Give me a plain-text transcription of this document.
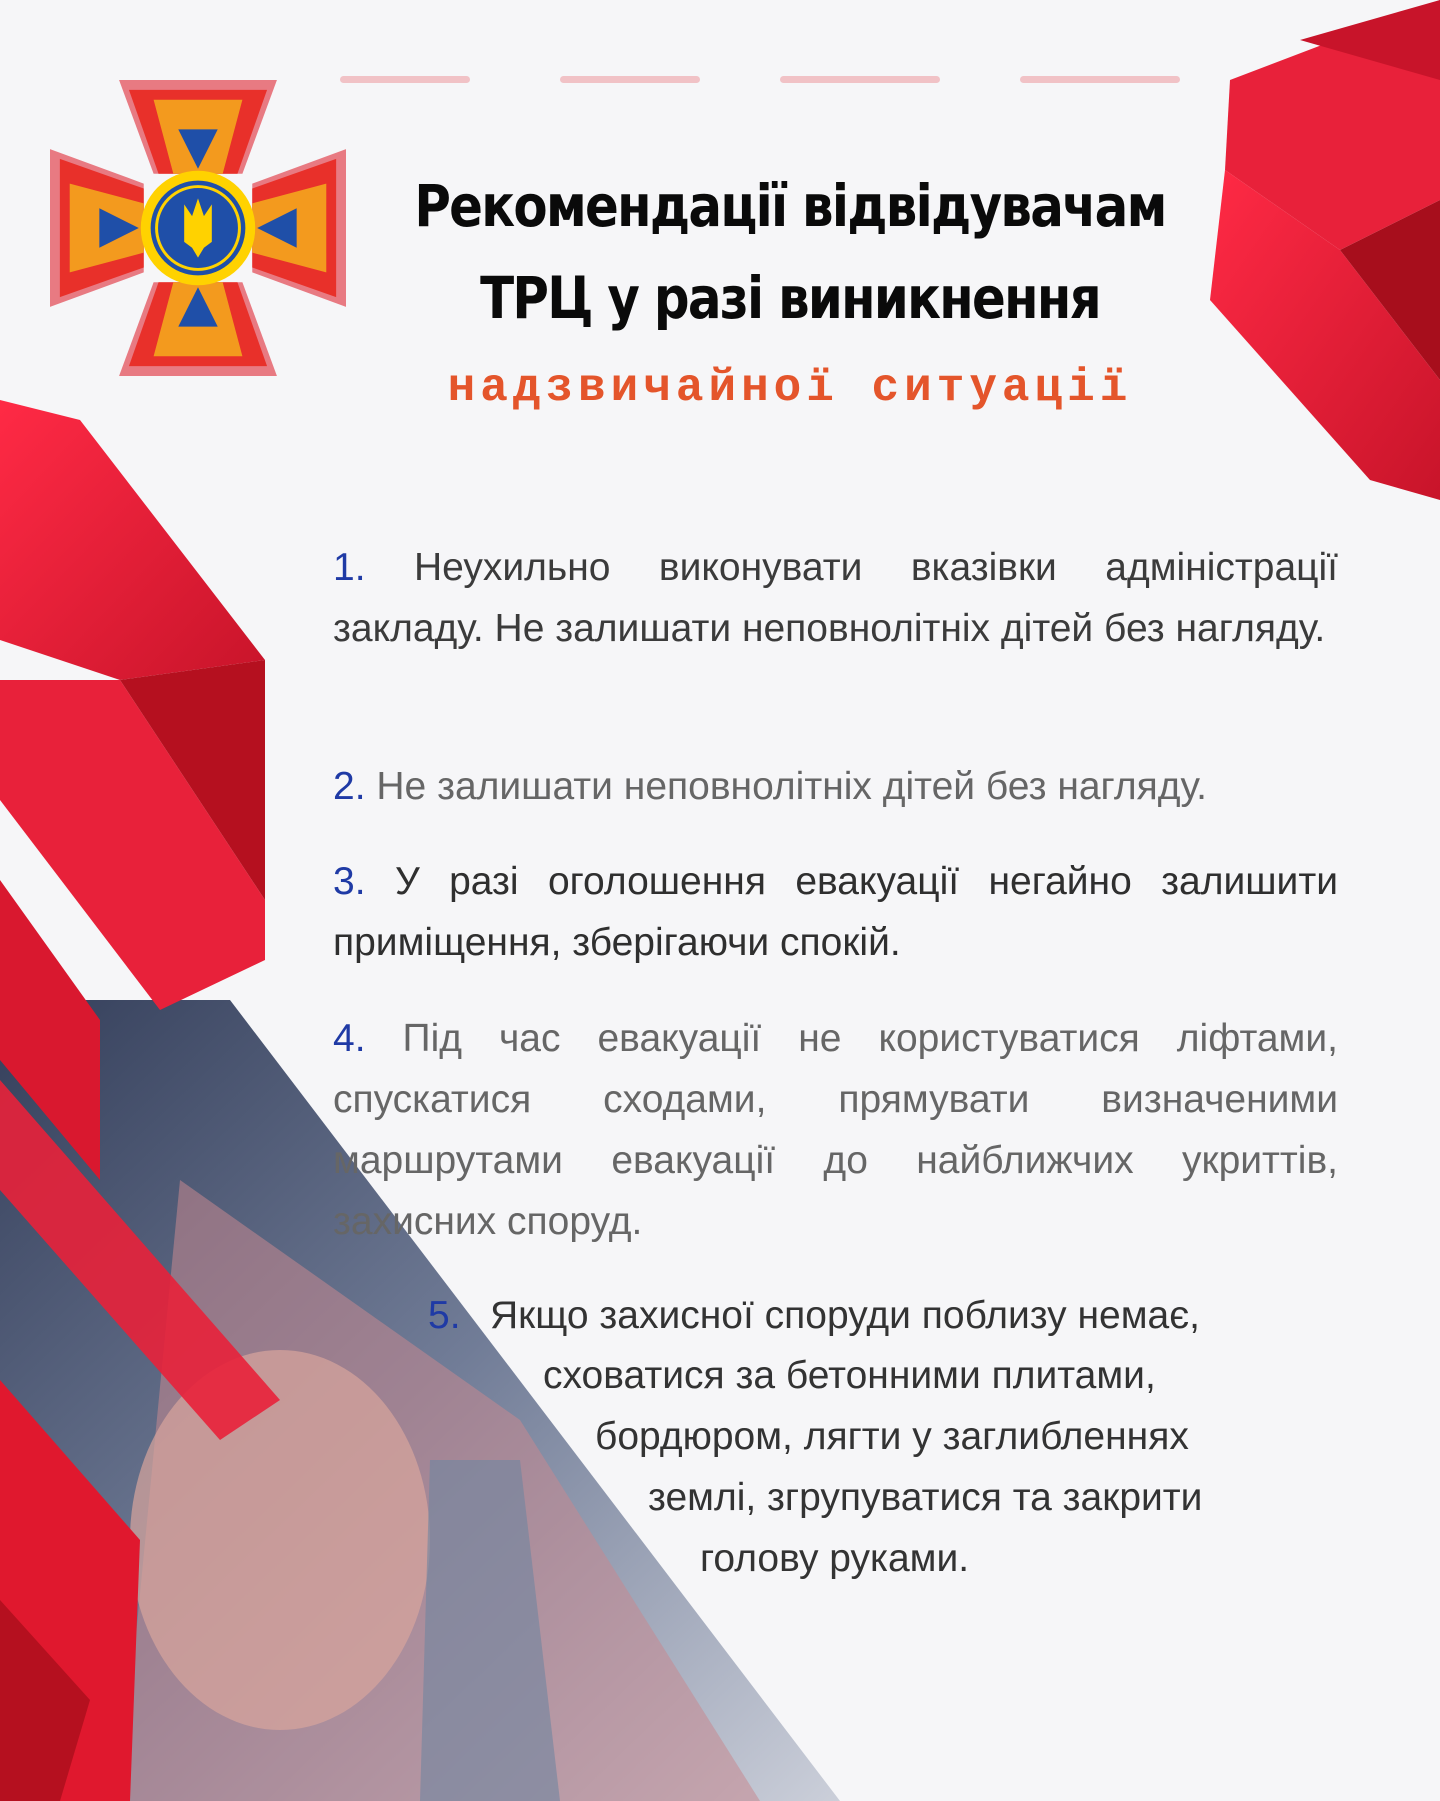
Рекомендації відвідувачам
ТРЦ у разі виникнення
надзвичайної ситуації
1. Неухильно виконувати вказівки адміністрації закладу. Не залишати неповнолітніх дітей без нагляду.
2. Не залишати неповнолітніх дітей без нагляду.
3. У разі оголошення евакуації негайно залишити приміщення, зберігаючи спокій.
4. Під час евакуації не користуватися ліфтами, спускатися сходами, прямувати визначеними маршрутами евакуації до найближчих укриттів, захисних споруд.
5. Якщо захисної споруди поблизу немає,
сховатися за бетонними плитами,
бордюром, лягти у заглибленнях
землі, згрупуватися та закрити
голову руками.
